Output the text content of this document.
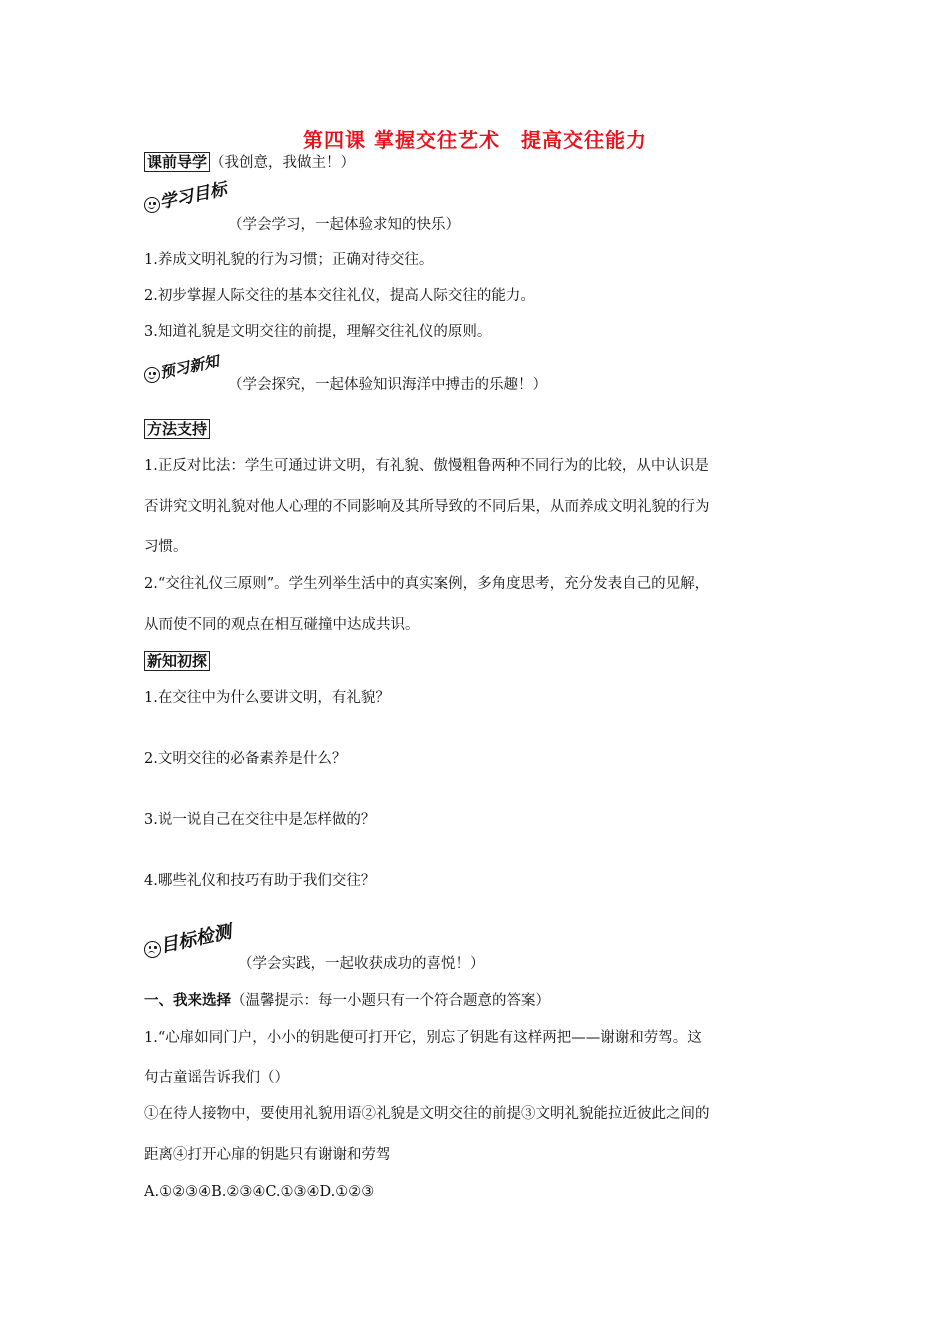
第四课 掌握交往艺术　提高交往能力
课前导学 （我创意，我做主！）
学习目标
（学会学习，一起体验求知的快乐）
1.养成文明礼貌的行为习惯；正确对待交往。
2.初步掌握人际交往的基本交往礼仪，提高人际交往的能力。
3.知道礼貌是文明交往的前提，理解交往礼仪的原则。
预习新知
（学会探究，一起体验知识海洋中搏击的乐趣！）
方法支持
1.正反对比法：学生可通过讲文明，有礼貌、傲慢粗鲁两种不同行为的比较，从中认识是
否讲究文明礼貌对他人心理的不同影响及其所导致的不同后果，从而养成文明礼貌的行为
习惯。
2.“交往礼仪三原则”。学生列举生活中的真实案例，多角度思考，充分发表自己的见解，
从而使不同的观点在相互碰撞中达成共识。
新知初探
1.在交往中为什么要讲文明，有礼貌？
2.文明交往的必备素养是什么？
3.说一说自己在交往中是怎样做的？
4.哪些礼仪和技巧有助于我们交往？
目标检测
（学会实践，一起收获成功的喜悦！）
一、我来选择（温馨提示：每一小题只有一个符合题意的答案）
1.“心扉如同门户，小小的钥匙便可打开它，别忘了钥匙有这样两把——谢谢和劳驾。这
句古童谣告诉我们（）
①在待人接物中，要使用礼貌用语②礼貌是文明交往的前提③文明礼貌能拉近彼此之间的
距离④打开心扉的钥匙只有谢谢和劳驾
A.①②③④B.②③④C.①③④D.①②③
